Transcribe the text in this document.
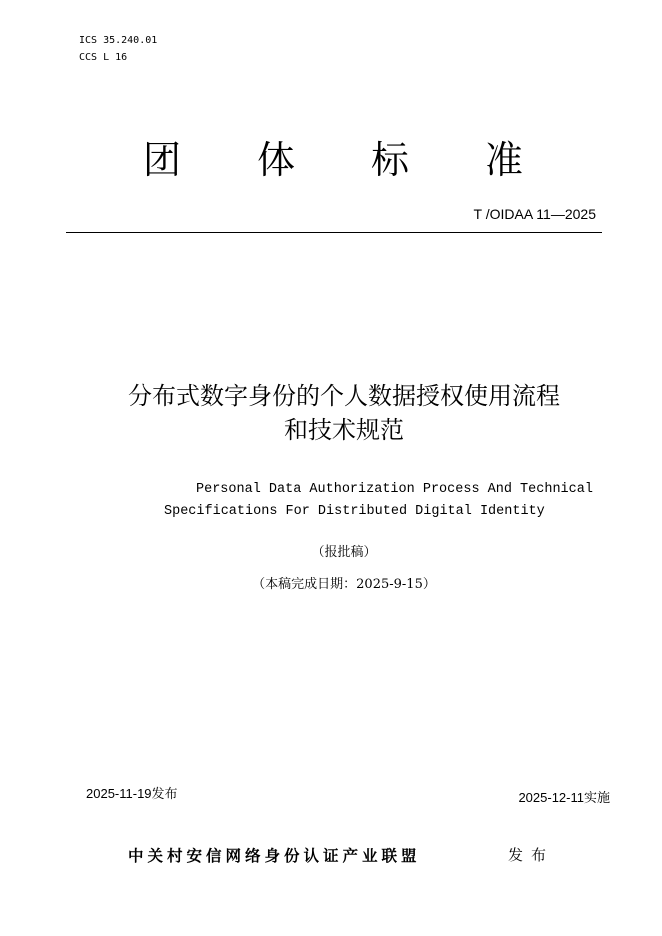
ICS 35.240.01
CCS L 16
团 体 标 准
T /OIDAA 11—2025
分布式数字身份的个人数据授权使用流程
和技术规范
Personal Data Authorization Process And Technical
Specifications For Distributed Digital Identity
（报批稿）
（本稿完成日期：2025-9-15）
2025-11-19发布	2025-12-11实施
中关村安信网络身份认证产业联盟	发布
